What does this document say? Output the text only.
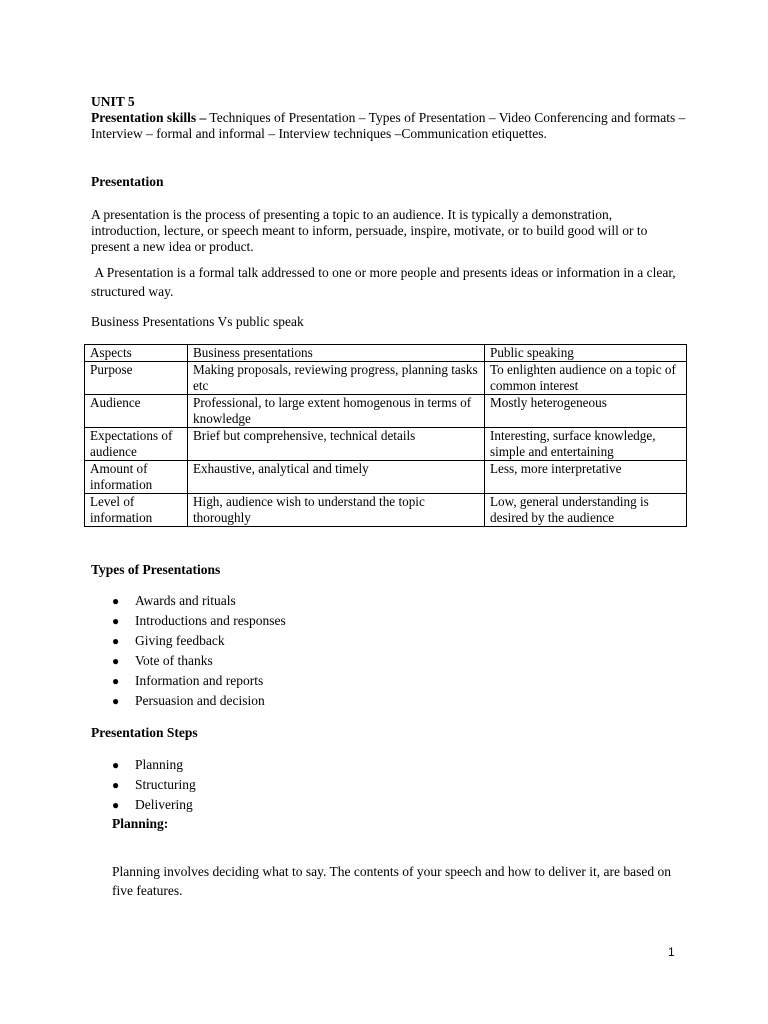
UNIT 5

Presentation skills – Techniques of Presentation – Types of Presentation – Video Conferencing and formats – Interview – formal and informal – Interview techniques –Communication etiquettes.

Presentation

A presentation is the process of presenting a topic to an audience. It is typically a demonstration, introduction, lecture, or speech meant to inform, persuade, inspire, motivate, or to build good will or to present a new idea or product.

A Presentation is a formal talk addressed to one or more people and presents ideas or information in a clear, structured way.

Business Presentations Vs public speak
Aspects	Business presentations	Public speaking
Purpose	Making proposals, reviewing progress, planning tasks etc	To enlighten audience on a topic of common interest
Audience	Professional, to large extent homogenous in terms of knowledge	Mostly heterogeneous
Expectations of audience	Brief but comprehensive, technical details	Interesting, surface knowledge, simple and entertaining
Amount of information	Exhaustive, analytical and timely	Less, more interpretative
Level of information	High, audience wish to understand the topic thoroughly	Low, general understanding is desired by the audience
Types of Presentations
● Awards and rituals
● Introductions and responses
● Giving feedback
● Vote of thanks
● Information and reports
● Persuasion and decision
Presentation Steps
● Planning
● Structuring
● Delivering
Planning:

Planning involves deciding what to say. The contents of your speech and how to deliver it, are based on five features.

1
